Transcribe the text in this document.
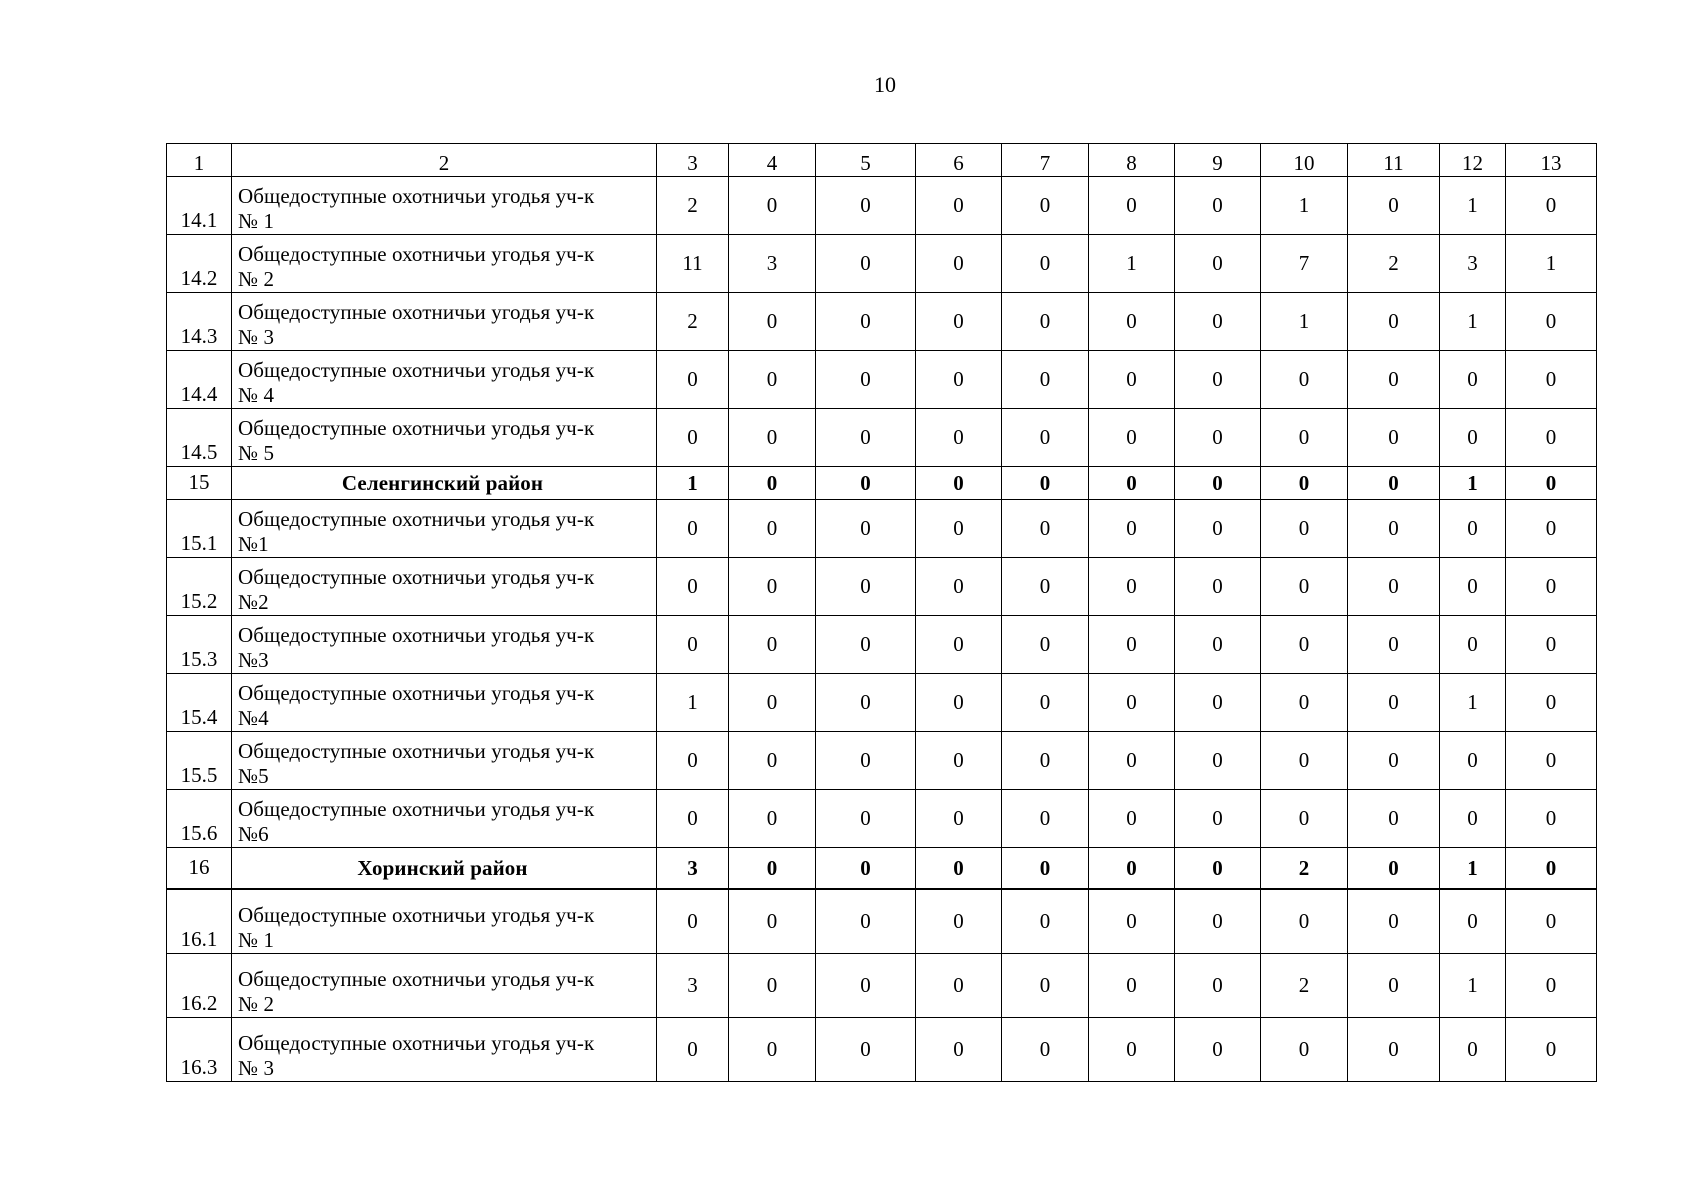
10
1	2	3	4	5	6	7	8	9	10	11	12	13
14.1	Общедоступные охотничьи угодья уч-к
№ 1	2	0	0	0	0	0	0	1	0	1	0
14.2	Общедоступные охотничьи угодья уч-к
№ 2	11	3	0	0	0	1	0	7	2	3	1
14.3	Общедоступные охотничьи угодья уч-к
№ 3	2	0	0	0	0	0	0	1	0	1	0
14.4	Общедоступные охотничьи угодья уч-к
№ 4	0	0	0	0	0	0	0	0	0	0	0
14.5	Общедоступные охотничьи угодья уч-к
№ 5	0	0	0	0	0	0	0	0	0	0	0
15	Селенгинский район	1	0	0	0	0	0	0	0	0	1	0
15.1	Общедоступные охотничьи угодья уч-к
№1	0	0	0	0	0	0	0	0	0	0	0
15.2	Общедоступные охотничьи угодья уч-к
№2	0	0	0	0	0	0	0	0	0	0	0
15.3	Общедоступные охотничьи угодья уч-к
№3	0	0	0	0	0	0	0	0	0	0	0
15.4	Общедоступные охотничьи угодья уч-к
№4	1	0	0	0	0	0	0	0	0	1	0
15.5	Общедоступные охотничьи угодья уч-к
№5	0	0	0	0	0	0	0	0	0	0	0
15.6	Общедоступные охотничьи угодья уч-к
№6	0	0	0	0	0	0	0	0	0	0	0
16	Хоринский район	3	0	0	0	0	0	0	2	0	1	0
16.1	Общедоступные охотничьи угодья уч-к
№ 1	0	0	0	0	0	0	0	0	0	0	0
16.2	Общедоступные охотничьи угодья уч-к
№ 2	3	0	0	0	0	0	0	2	0	1	0
16.3	Общедоступные охотничьи угодья уч-к
№ 3	0	0	0	0	0	0	0	0	0	0	0
